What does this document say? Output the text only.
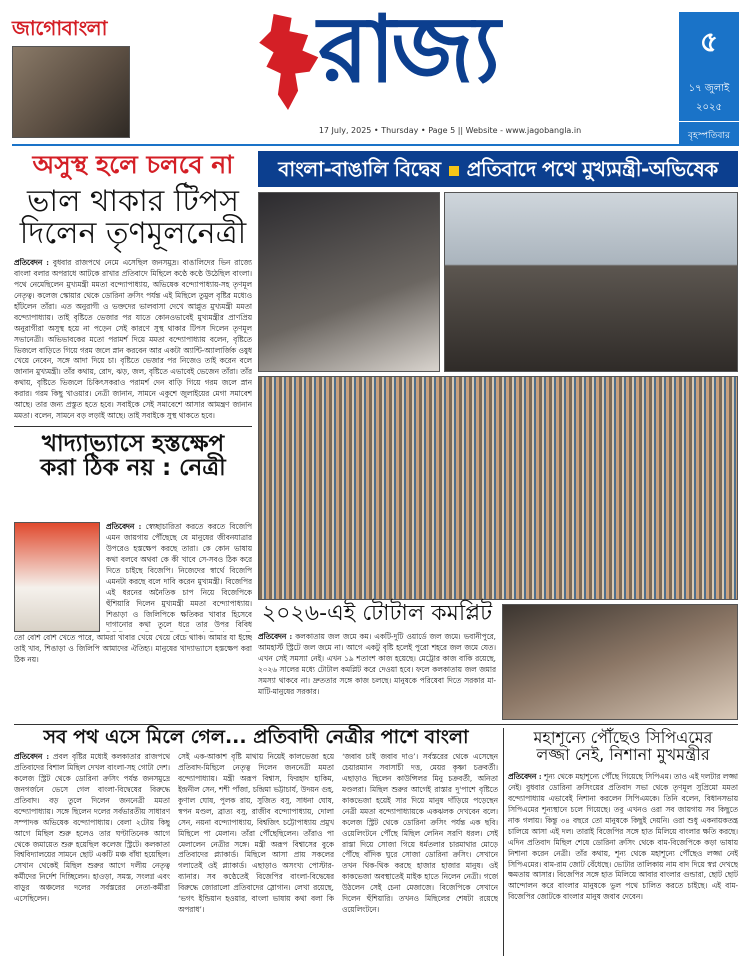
জাগোবাংলা রাজ্য
17 July, 2025 • Thursday • Page 5 || Website - www.jagobangla.in
৫
১৭ জুলাই
২০২৫
বৃহস্পতিবার
বাংলা-বাঙালি বিদ্বেষ প্রতিবাদে পথে মুখ্যমন্ত্রী-অভিষেক
অসুস্থ হলে চলবে না
ভাল থাকার টিপস
দিলেন তৃণমূলনেত্রী
প্রতিবেদন : বুধবার রাজপথে নেমে এসেছিল জনসমুদ্র। বাঙালিদের ভিন রাজ্যে বাংলা বলার অপরাধে আটকে রাখার প্রতিবাদে মিছিলে কণ্ঠে কণ্ঠে উঠেছিল বাংলা। পথে নেমেছিলেন মুখ্যমন্ত্রী মমতা বন্দ্যোপাধ্যায়, অভিষেক বন্দ্যোপাধ্যায়-সহ তৃণমূল নেতৃত্ব। কলেজ স্কোয়ার থেকে ডোরিনা ক্রসিং পর্যন্ত এই মিছিলে তুমুল বৃষ্টির মধ্যেও হাঁটলেন তাঁরা। এত অনুরাগী ও ভক্তদের ভালবাসা দেখে আপ্লুত মুখ্যমন্ত্রী মমতা বন্দ্যোপাধ্যায়। তাই বৃষ্টিতে ভেজার পর যাতে কোনওভাবেই মুখ্যমন্ত্রীর প্রাণপ্রিয় অনুরাগীরা অসুস্থ হয়ে না পড়েন সেই কারণে সুস্থ থাকার টিপস দিলেন তৃণমূল সভানেত্রী। অভিভাবকের মতো পরামর্শ দিয়ে মমতা বন্দ্যোপাধ্যায় বলেন, বৃষ্টিতে ভিজলে বাড়িতে গিয়ে গরম জলে স্নান করবেন আর একটা অ্যান্টি-অ্যালার্জিক ওষুধ খেয়ে নেবেন, সঙ্গে আদা দিয়ে চা। বৃষ্টিতে ভেজার পর নিজেও তাই করেন বলে জানান মুখ্যমন্ত্রী। তাঁর কথায়, রোদ, ঝড়, জল, বৃষ্টিতে এভাবেই ভেজেন তাঁরা। তাঁর কথায়, বৃষ্টিতে ভিজলে চিকিৎসকরাও পরামর্শ দেন বাড়ি গিয়ে গরম জলে স্নান করার। গরম কিছু খাওয়ার। নেত্রী জানান, সামনে একুশে জুলাইয়ের মেগা সমাবেশ আছে। তার জন্য প্রস্তুত হতে হবে। সবাইকে সেই সমাবেশে আসার আমন্ত্রণ জানান মমতা। বলেন, সামনে বড় লড়াই আছে। তাই সবাইকে সুস্থ থাকতে হবে।
খাদ্যাভ্যাসে হস্তক্ষেপ
করা ঠিক নয় : নেত্রী
প্রতিবেদন : স্বেচ্ছাচারিতা করতে করতে বিজেপি এমন জায়গায় পৌঁছেছে যে মানুষের জীবনযাত্রার উপরেও হস্তক্ষেপ করছে তারা। কে কোন ভাষায় কথা বলবে অথবা কে কী খাবে সে-সবও ঠিক করে দিতে চাইছে বিজেপি। নিজেদের স্বার্থে বিজেপি এমনটা করছে বলে দাবি করেন মুখ্যমন্ত্রী। বিজেপির এই ধরনের অনৈতিক চাপ নিয়ে বিজেপিকে হুঁশিয়ারি দিলেন মুখ্যমন্ত্রী মমতা বন্দ্যোপাধ্যায়। শিঙাড়া ও জিলিপিকে ক্ষতিকর খাবার হিসেবে দাগানোর কথা তুলে ধরে তার উপর বিবিধ
তো বেশি বেশি খেতে পারে, আমরা খাবার খেয়ে খেয়ে বেঁচে থাকি। আমার যা ইচ্ছে তাই খাব, শিঙাড়া ও জিলিপি আমাদের ঐতিহ্য। মানুষের খাদ্যাভ্যাসে হস্তক্ষেপ করা ঠিক নয়।
২০২৬-এই টোটাল কমপ্লিট
প্রতিবেদন : কলকাতায় জল জমে কম। একটি-দুটি ওয়ার্ডে জল জমে। ভবানীপুরে, আমহার্স্ট স্ট্রিটে জল জমে না। আগে একটু বৃষ্টি হলেই পুরো শহরে জল জমে যেত। এখন সেই সমস্যা নেই। এখন ১৯ শতাংশ কাজ হয়েছে। মেট্রোর কাজ বাকি রয়েছে, ২০২৬ সালের মধ্যে টোটাল কমপ্লিট করে দেওয়া হবে। ফলে কলকাতায় জল জমার সমস্যা থাকবে না। দ্রুততার সঙ্গে কাজ চলছে। মানুষকে পরিষেবা দিতে সরকার মা-মাটি-মানুষের সরকার।
সব পথ এসে মিলে গেল... প্রতিবাদী নেত্রীর পাশে বাংলা
প্রতিবেদন : প্রবল বৃষ্টির মধ্যেই কলকাতার রাজপথে প্রতিবাদের বিশাল মিছিল দেখল বাংলা-সহ গোটা দেশ। কলেজ স্ট্রিট থেকে ডোরিনা ক্রসিং পর্যন্ত জনসমুদ্রে জনগর্জনে ভেসে গেল বাংলা-বিদ্বেষের বিরুদ্ধে প্রতিবাদ। বড় তুলে দিলেন জননেত্রী মমতা বন্দ্যোপাধ্যায়। সঙ্গে ছিলেন দলের সর্বভারতীয় সাধারণ সম্পাদক অভিষেক বন্দ্যোপাধ্যায়। বেলা ২টোয় কিছু আগে মিছিল শুরু হলেও তার ঘণ্টাতিনেক আগে থেকে জমায়েত শুরু হয়েছিল কলেজ স্ট্রিটে। কলকাতা বিশ্ববিদ্যালয়ের সামনে ছোট একটি মঞ্চ বাঁধা হয়েছিল। সেখান থেকেই মিছিল শুরুর আগে দলীয় নেতৃত্ব কর্মীদের নির্দেশ দিচ্ছিলেন। হাওড়া, সমস্ত, সংলগ্ন এবং বাড়ুর অঞ্চলের দলের সর্বস্তরের নেতা-কর্মীরা এসেছিলেন।
সেই এক-আকাশ বৃষ্টি মাথায় নিয়েই কালভেজা হয়ে প্রতিবাদ-মিছিলে নেতৃত্ব দিলেন জননেত্রী মমতা বন্দ্যোপাধ্যায়। মন্ত্রী অরূপ বিশ্বাস, ফিরহাদ হাকিম, ইন্দ্রনীল সেন, শশী পাঁজা, চন্দ্রিমা ভট্টাচার্য, উদয়ন গুহ, কুণাল ঘোষ, পুলক রায়, সুজিত বসু, সাধনা ঘোষ, স্বপন মণ্ডল, ব্রাত্য বসু, রাজীব বন্দ্যোপাধ্যায়, দোলা সেন, নয়না বন্দ্যোপাধ্যায়, বিশ্বজিৎ চট্টোপাধ্যায় প্রমুখ মিছিলে পা মেলান। তাঁরা পৌঁছেছিলেন। তাঁরাও পা মেলালেন নেত্রীর সঙ্গে। মন্ত্রী অরূপ বিশ্বাসের বুকে প্রতিবাদের প্ল্যাকার্ড। মিছিলে আসা প্রায় সকলের গলাতেই ওই প্ল্যাকার্ড। এছাড়াও অসংখ্য পোস্টার-ব্যানার। সব কণ্ঠেতেই বিজেপির বাংলা-বিদ্বেষের বিরুদ্ধে জোরালো প্রতিবাদের স্লোগান। লেখা রয়েছে, ‘ভগৎ ইন্ডিয়ান হওয়ার, বাংলা ভাষায় কথা বলা কি অপরাধ’।
‘জবাব চাই জবাব দাও’। সর্বস্তরের থেকে এসেছেন চেয়ারম্যান সবাসাচী দত্ত, মেয়র কৃষ্ণা চক্রবর্তী। এছাড়াও ছিলেন কাউন্সিলর মিনু চক্রবর্তী, অনিতা মণ্ডলরা। মিছিল শুরুর আগেই রাস্তার দু'পাশে বৃষ্টিতে কাকভেজা হয়েই সার দিয়ে মানুষ দাঁড়িয়ে পড়েছেন নেত্রী মমতা বন্দ্যোপাধ্যায়কে একঝলক দেখবেন বলে। কলেজ স্ট্রিট থেকে ডোরিনা ক্রসিং পর্যন্ত এক ছবি। ওয়েলিংটনে পৌঁছে মিছিল লেনিন সরণি ধরল। সেই রাস্তা দিয়ে সোজা গিয়ে ধর্মতলার চারমাথার মোড়ে পৌঁছে বাঁদিক ঘুরে সোজা ডোরিনা ক্রসিং। সেখানে তখন থিক-থিক করছে হাজার হাজার মানুষ। ওই কাকভেজা অবস্থাতেই মাইক হাতে নিলেন নেত্রী। গর্জে উঠলেন সেই চেনা মেজাজে। বিজেপিকে সেখানে দিলেন হুঁশিয়ারি। তখনও মিছিলের শেষটা রয়েছে ওয়েলিংটনে।
মহাশূন্যে পৌঁছেও সিপিএমের
লজ্জা নেই, নিশানা মুখমন্ত্রীর
প্রতিবেদন : শূন্য থেকে মহাশূন্যে পৌঁছে গিয়েছে সিপিএম। তাও এই দলটার লজ্জা নেই। বুধবার ডোরিনা ক্রসিংয়ের প্রতিবাদ সভা থেকে তৃণমূল সুপ্রিমো মমতা বন্দ্যোপাধ্যায় এভাবেই নিশানা করলেন সিপিএমকে। তিনি বলেন, বিধানসভায় সিপিএমের শূন্যস্থানে চলে গিয়েছে। তবু এখনও ওরা সব জায়গায় সব কিছুতে নাক গলায়। কিন্তু ৩৪ বছরে তো মানুষকে কিছুই দেয়নি। ওরা শুধু একনায়কতন্ত্র চালিয়ে আসা এই দল। তারাই বিজেপির সঙ্গে হাত মিলিয়ে বাংলার ক্ষতি করছে। এদিন প্রতিবাদ মিছিল শেষে ডোরিনা ক্রসিং থেকে বাম-বিজেপিকে কড়া ভাষায় নিশানা করেন নেত্রী। তাঁর কথায়, শূন্য থেকে মহাশূন্যে পৌঁছেও লজ্জা নেই সিপিএমের। বাম-রাম জোট বেঁধেছে। ভোটার তালিকায় নাম বাদ দিয়ে স্বপ্ন দেখছে ক্ষমতায় আসার। বিজেপির সঙ্গে হাত মিলিয়ে আবার বাংলার গুন্ডারা, ছোট ছোট আন্দোলন করে বাংলার মানুষকে ভুল পথে চালিত করতে চাইছে। এই বাম-বিজেপির জোটকে বাংলার মানুষ জবাব দেবেন।
